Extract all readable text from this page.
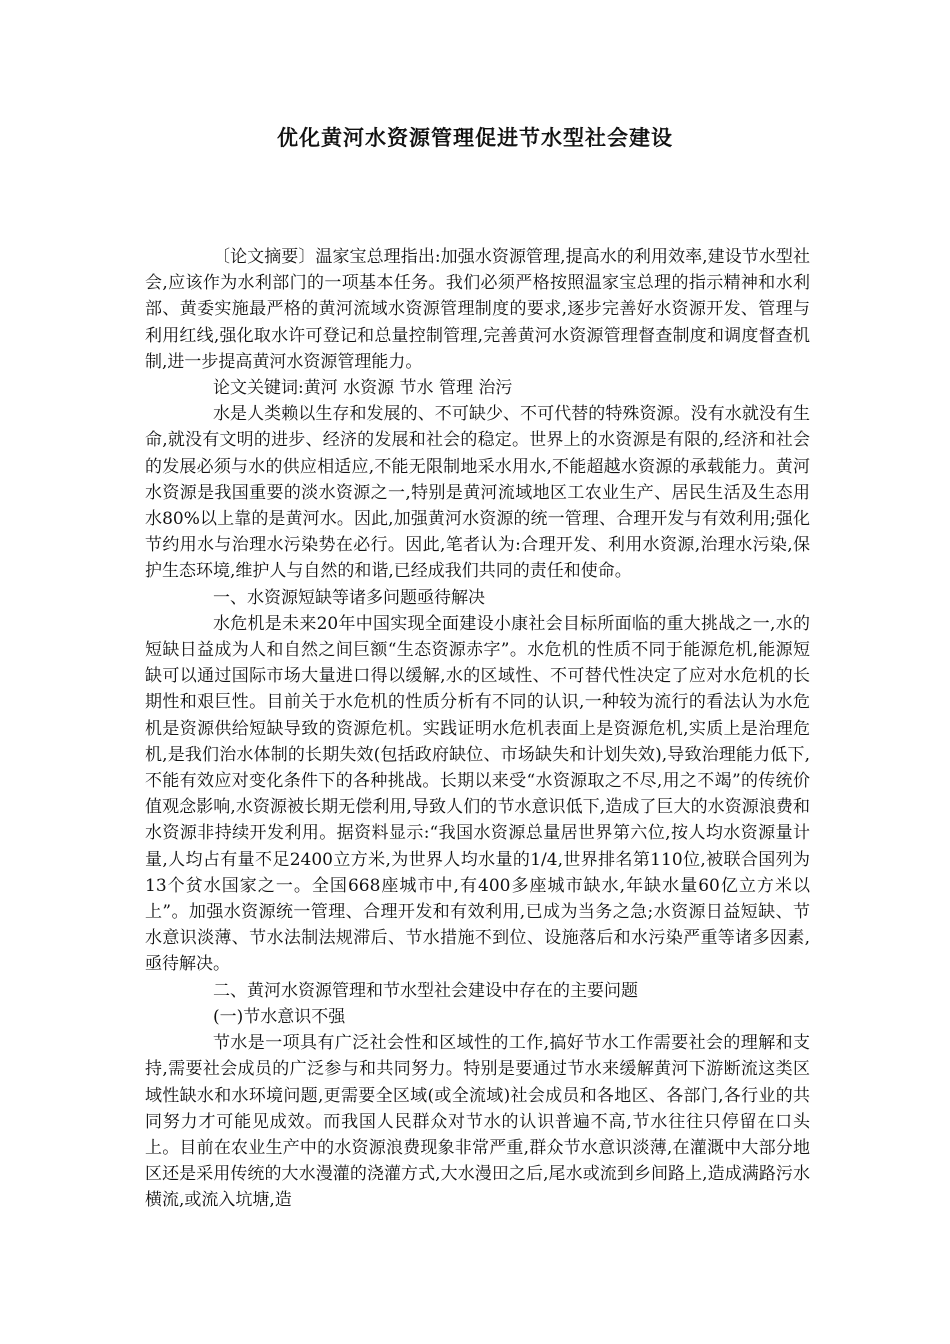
优化黄河水资源管理促进节水型社会建设

〔论文摘要〕温家宝总理指出:加强水资源管理,提高水的利用效率,建设节水型社会,应该作为水利部门的一项基本任务。我们必须严格按照温家宝总理的指示精神和水利部、黄委实施最严格的黄河流域水资源管理制度的要求,逐步完善好水资源开发、管理与利用红线,强化取水许可登记和总量控制管理,完善黄河水资源管理督查制度和调度督查机制,进一步提高黄河水资源管理能力。

论文关键词:黄河 水资源 节水 管理 治污

水是人类赖以生存和发展的、不可缺少、不可代替的特殊资源。没有水就没有生命,就没有文明的进步、经济的发展和社会的稳定。世界上的水资源是有限的,经济和社会的发展必须与水的供应相适应,不能无限制地采水用水,不能超越水资源的承载能力。黄河水资源是我国重要的淡水资源之一,特别是黄河流域地区工农业生产、居民生活及生态用水80%以上靠的是黄河水。因此,加强黄河水资源的统一管理、合理开发与有效利用;强化节约用水与治理水污染势在必行。因此,笔者认为:合理开发、利用水资源,治理水污染,保护生态环境,维护人与自然的和谐,已经成我们共同的责任和使命。

一、水资源短缺等诸多问题亟待解决

水危机是未来20年中国实现全面建设小康社会目标所面临的重大挑战之一,水的短缺日益成为人和自然之间巨额“生态资源赤字”。水危机的性质不同于能源危机,能源短缺可以通过国际市场大量进口得以缓解,水的区域性、不可替代性决定了应对水危机的长期性和艰巨性。目前关于水危机的性质分析有不同的认识,一种较为流行的看法认为水危机是资源供给短缺导致的资源危机。实践证明水危机表面上是资源危机,实质上是治理危机,是我们治水体制的长期失效(包括政府缺位、市场缺失和计划失效),导致治理能力低下,不能有效应对变化条件下的各种挑战。长期以来受“水资源取之不尽,用之不竭”的传统价值观念影响,水资源被长期无偿利用,导致人们的节水意识低下,造成了巨大的水资源浪费和水资源非持续开发利用。据资料显示:“我国水资源总量居世界第六位,按人均水资源量计量,人均占有量不足2400立方米,为世界人均水量的1/4,世界排名第110位,被联合国列为13个贫水国家之一。全国668座城市中,有400多座城市缺水,年缺水量60亿立方米以上”。加强水资源统一管理、合理开发和有效利用,已成为当务之急;水资源日益短缺、节水意识淡薄、节水法制法规滞后、节水措施不到位、设施落后和水污染严重等诸多因素,亟待解决。

二、黄河水资源管理和节水型社会建设中存在的主要问题

(一)节水意识不强

节水是一项具有广泛社会性和区域性的工作,搞好节水工作需要社会的理解和支持,需要社会成员的广泛参与和共同努力。特别是要通过节水来缓解黄河下游断流这类区域性缺水和水环境问题,更需要全区域(或全流域)社会成员和各地区、各部门,各行业的共同努力才可能见成效。而我国人民群众对节水的认识普遍不高,节水往往只停留在口头上。目前在农业生产中的水资源浪费现象非常严重,群众节水意识淡薄,在灌溉中大部分地区还是采用传统的大水漫灌的浇灌方式,大水漫田之后,尾水或流到乡间路上,造成满路污水横流,或流入坑塘,造
